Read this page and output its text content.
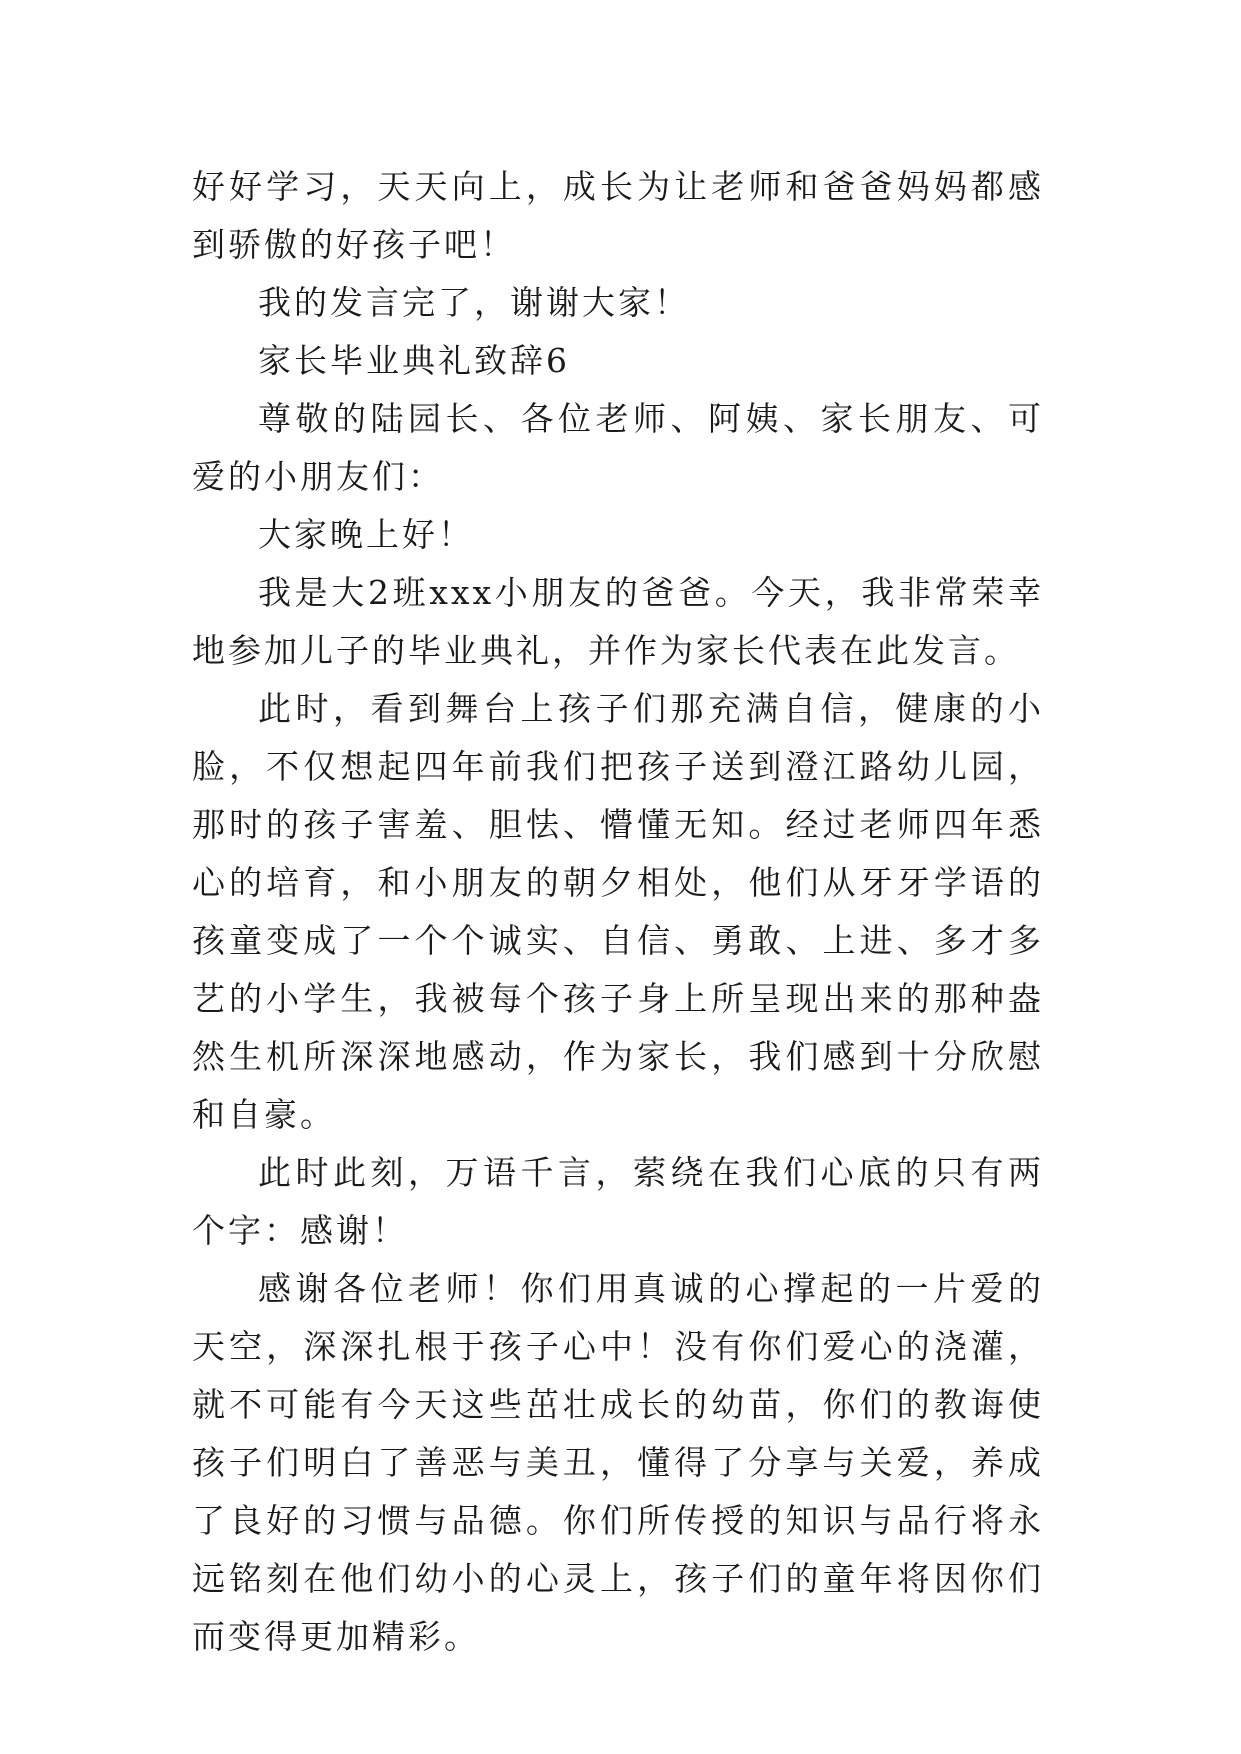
好好学习，天天向上，成长为让老师和爸爸妈妈都感到骄傲的好孩子吧！

我的发言完了，谢谢大家！

家长毕业典礼致辞6

尊敬的陆园长、各位老师、阿姨、家长朋友、可爱的小朋友们：

大家晚上好！

我是大2班xxx小朋友的爸爸。今天，我非常荣幸地参加儿子的毕业典礼，并作为家长代表在此发言。

此时，看到舞台上孩子们那充满自信，健康的小脸，不仅想起四年前我们把孩子送到澄江路幼儿园，那时的孩子害羞、胆怯、懵懂无知。经过老师四年悉心的培育，和小朋友的朝夕相处，他们从牙牙学语的孩童变成了一个个诚实、自信、勇敢、上进、多才多艺的小学生，我被每个孩子身上所呈现出来的那种盎然生机所深深地感动，作为家长，我们感到十分欣慰和自豪。

此时此刻，万语千言，萦绕在我们心底的只有两个字：感谢！

感谢各位老师！你们用真诚的心撑起的一片爱的天空，深深扎根于孩子心中！没有你们爱心的浇灌，就不可能有今天这些茁壮成长的幼苗，你们的教诲使孩子们明白了善恶与美丑，懂得了分享与关爱，养成了良好的习惯与品德。你们所传授的知识与品行将永远铭刻在他们幼小的心灵上，孩子们的童年将因你们而变得更加精彩。
